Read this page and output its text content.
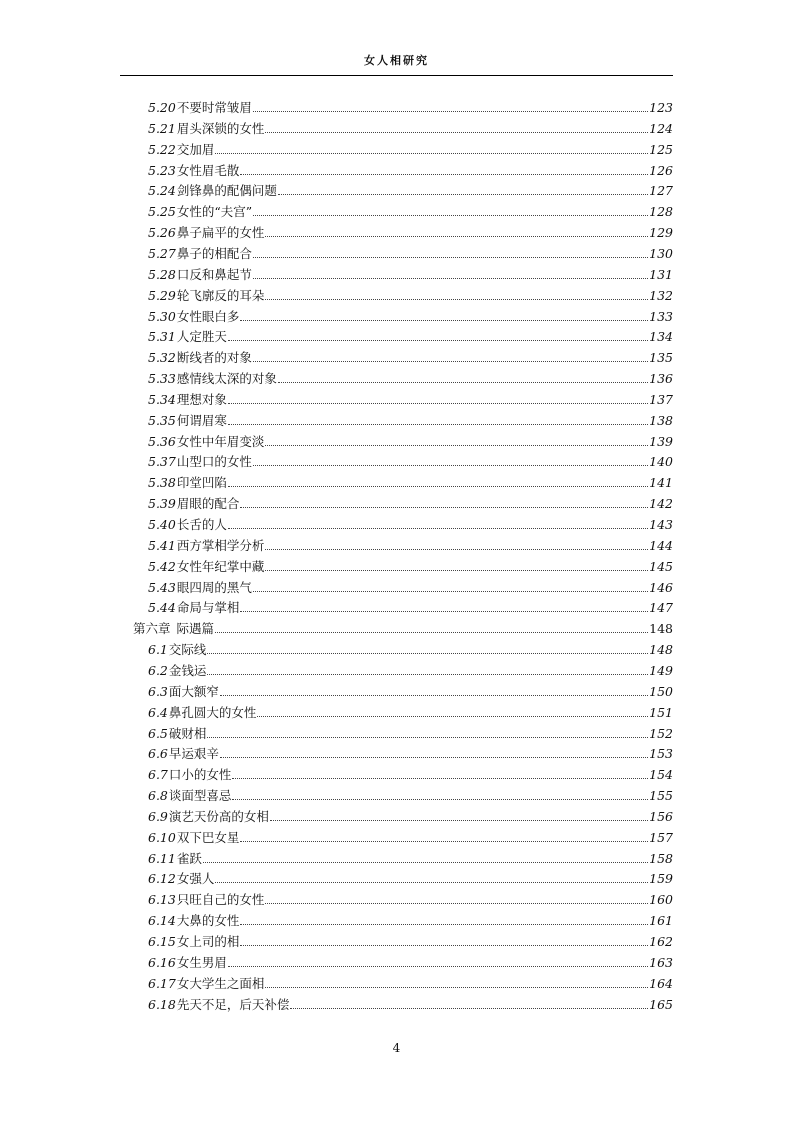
女人相研究
5.20 不要时常皱眉	123
5.21 眉头深锁的女性	124
5.22 交加眉	125
5.23 女性眉毛散	126
5.24 剑锋鼻的配偶问题	127
5.25 女性的“夫宫”	128
5.26 鼻子扁平的女性	129
5.27 鼻子的相配合	130
5.28 口反和鼻起节	131
5.29 轮飞廓反的耳朵	132
5.30 女性眼白多	133
5.31 人定胜天	134
5.32 断线者的对象	135
5.33 感情线太深的对象	136
5.34 理想对象	137
5.35 何谓眉寒	138
5.36 女性中年眉变淡	139
5.37 山型口的女性	140
5.38 印堂凹陷	141
5.39 眉眼的配合	142
5.40 长舌的人	143
5.41 西方掌相学分析	144
5.42 女性年纪掌中藏	145
5.43 眼四周的黑气	146
5.44 命局与掌相	147
第六章 际遇篇	148
6.1 交际线	148
6.2 金钱运	149
6.3 面大额窄	150
6.4 鼻孔圆大的女性	151
6.5 破财相	152
6.6 早运艰辛	153
6.7 口小的女性	154
6.8 谈面型喜忌	155
6.9 演艺天份高的女相	156
6.10 双下巴女星	157
6.11 雀跃	158
6.12 女强人	159
6.13 只旺自己的女性	160
6.14 大鼻的女性	161
6.15 女上司的相	162
6.16 女生男眉	163
6.17 女大学生之面相	164
6.18 先天不足，后天补偿	165
4
